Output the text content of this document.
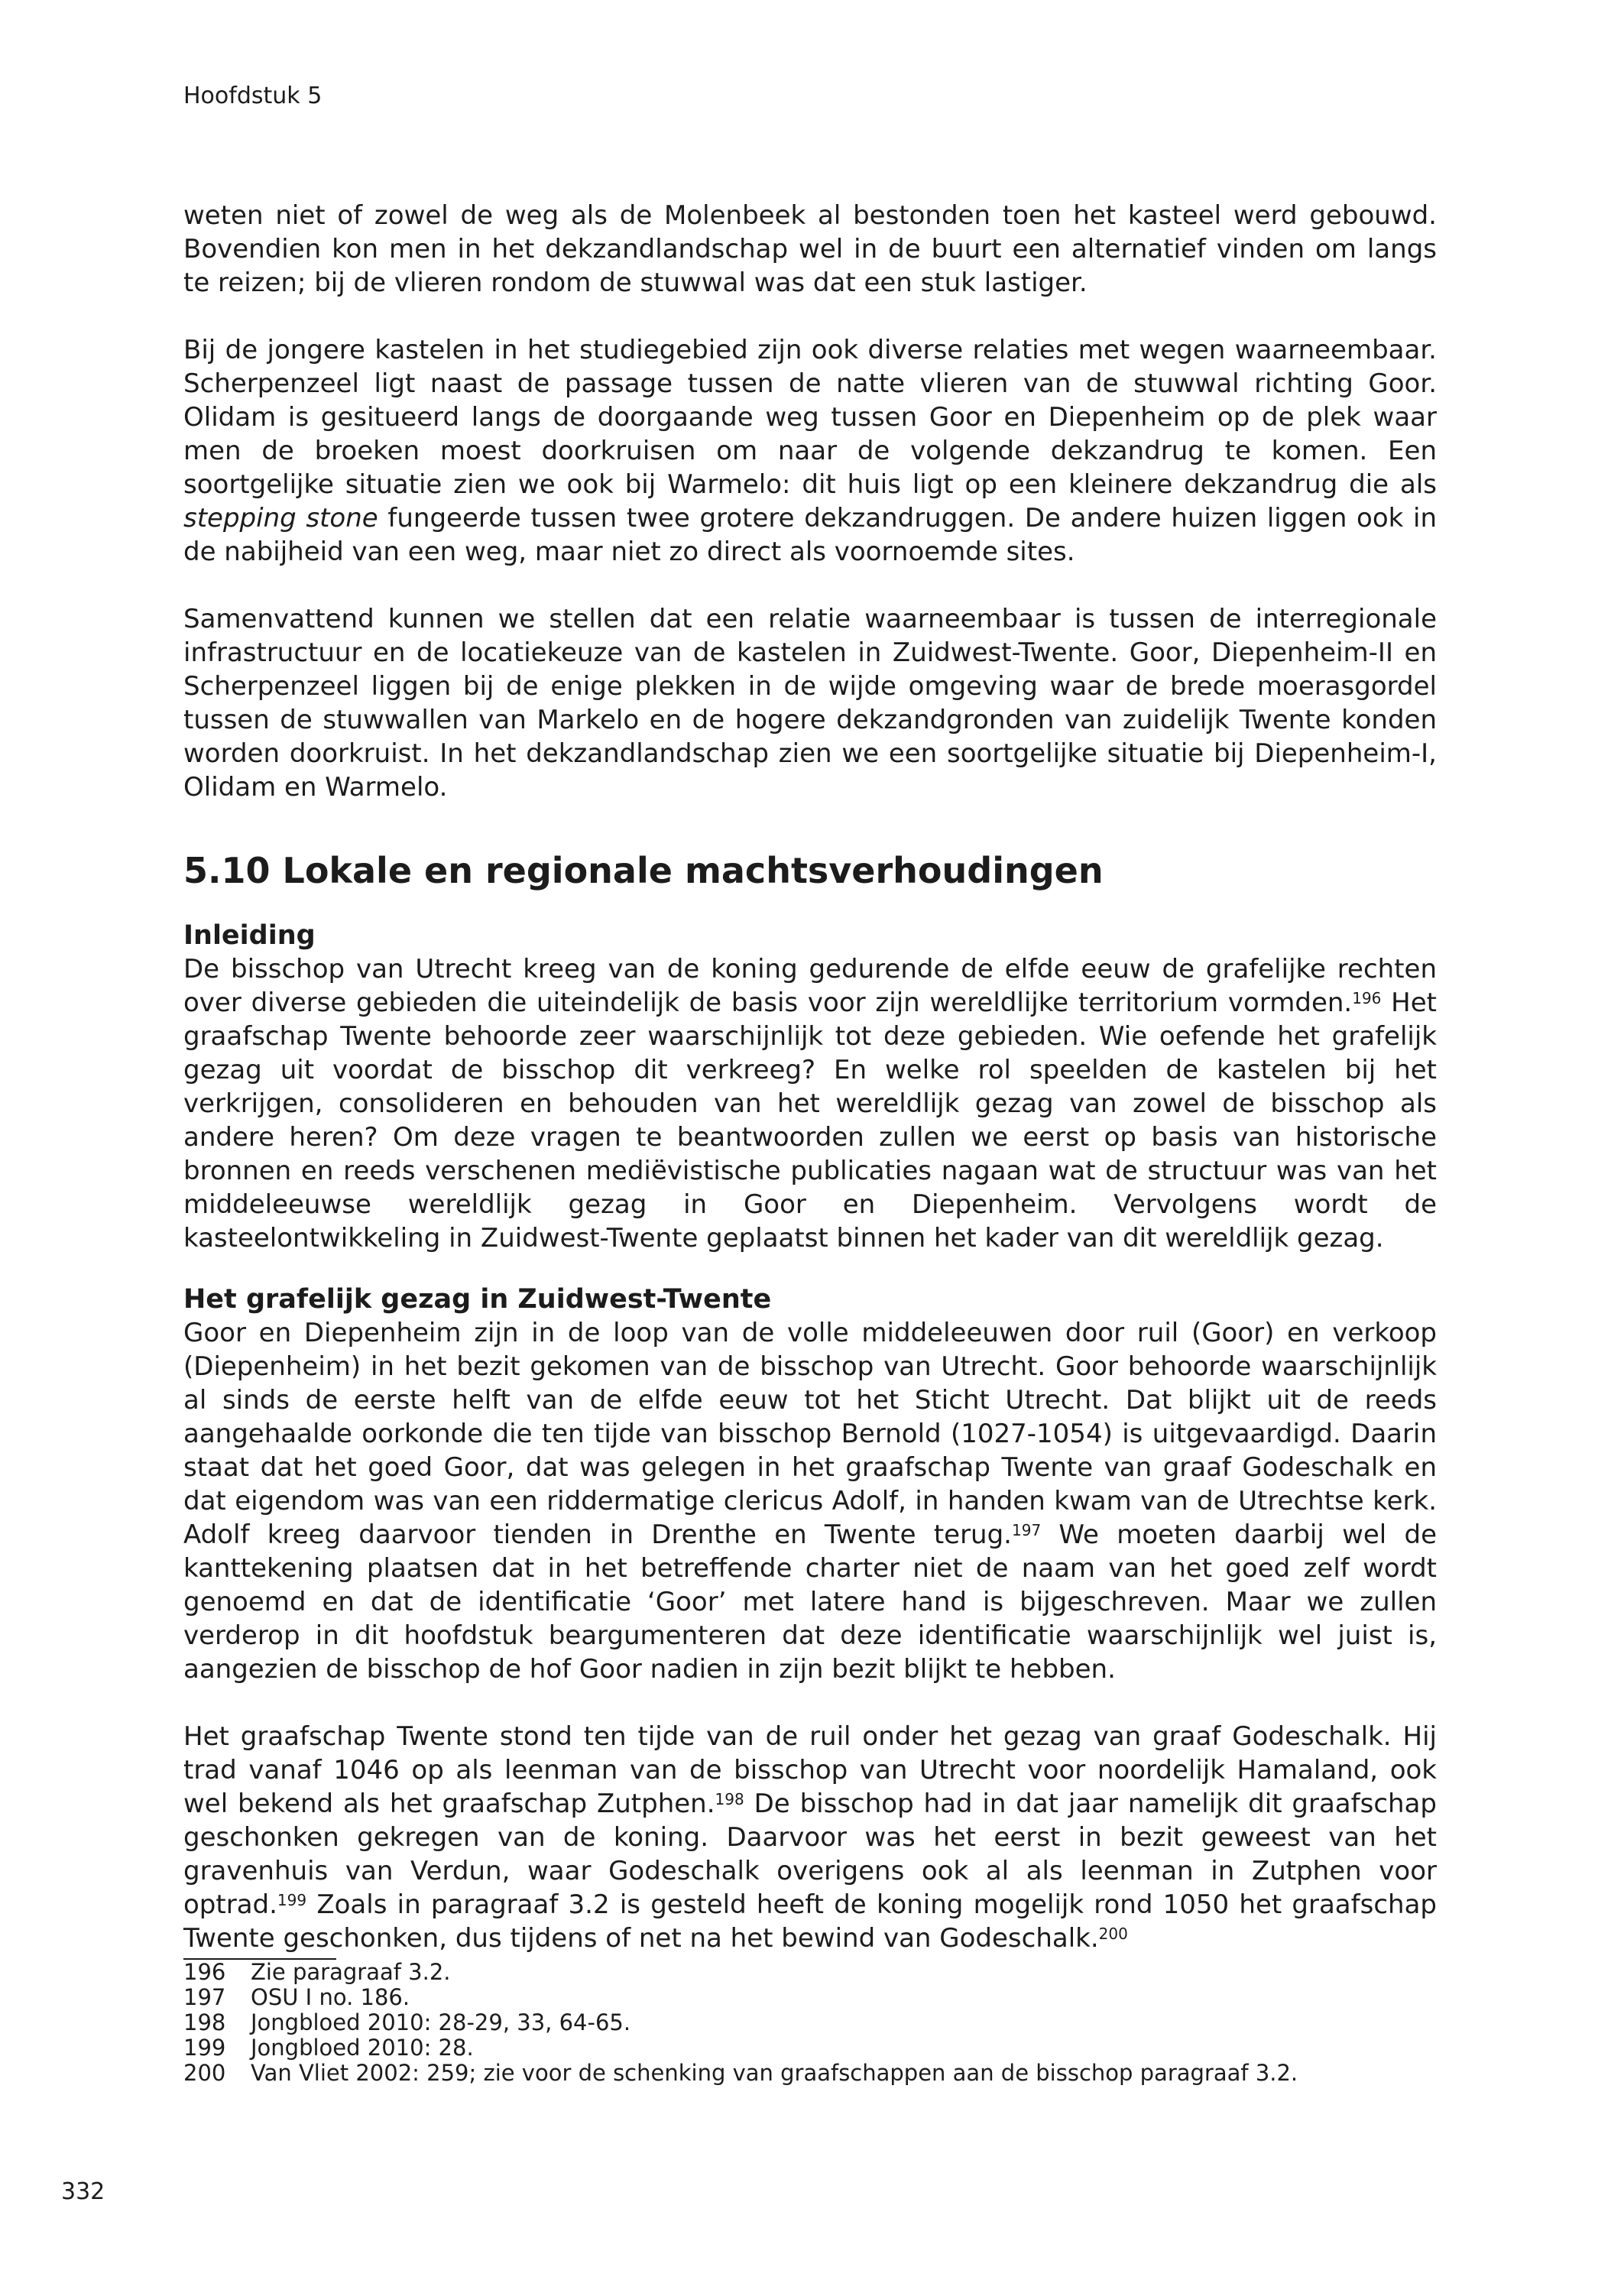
Hoofdstuk 5

weten niet of zowel de weg als de Molenbeek al bestonden toen het kasteel werd gebouwd. Bovendien kon men in het dekzandlandschap wel in de buurt een alternatief vinden om langs te reizen; bij de vlieren rondom de stuwwal was dat een stuk lastiger.

Bij de jongere kastelen in het studiegebied zijn ook diverse relaties met wegen waarneembaar. Scherpenzeel ligt naast de passage tussen de natte vlieren van de stuwwal richting Goor. Olidam is gesitueerd langs de doorgaande weg tussen Goor en Diepenheim op de plek waar men de broeken moest doorkruisen om naar de volgende dekzandrug te komen. Een soortgelijke situatie zien we ook bij Warmelo: dit huis ligt op een kleinere dekzandrug die als stepping stone fungeerde tussen twee grotere dekzandruggen. De andere huizen liggen ook in de nabijheid van een weg, maar niet zo direct als voornoemde sites.

Samenvattend kunnen we stellen dat een relatie waarneembaar is tussen de interregionale infrastructuur en de locatiekeuze van de kastelen in Zuidwest-Twente. Goor, Diepenheim-II en Scherpenzeel liggen bij de enige plekken in de wijde omgeving waar de brede moerasgordel tussen de stuwwallen van Markelo en de hogere dekzandgronden van zuidelijk Twente konden worden doorkruist. In het dekzandlandschap zien we een soortgelijke situatie bij Diepenheim-I, Olidam en Warmelo.

5.10 Lokale en regionale machtsverhoudingen
Inleiding

De bisschop van Utrecht kreeg van de koning gedurende de elfde eeuw de grafelijke rechten over diverse gebieden die uiteindelijk de basis voor zijn wereldlijke territorium vormden.$^{196}$ Het graafschap Twente behoorde zeer waarschijnlijk tot deze gebieden. Wie oefende het grafelijk gezag uit voordat de bisschop dit verkreeg? En welke rol speelden de kastelen bij het verkrijgen, consolideren en behouden van het wereldlijk gezag van zowel de bisschop als andere heren? Om deze vragen te beantwoorden zullen we eerst op basis van historische bronnen en reeds verschenen mediëvistische publicaties nagaan wat de structuur was van het middeleeuwse wereldlijk gezag in Goor en Diepenheim. Vervolgens wordt de kasteelontwikkeling in Zuidwest-Twente geplaatst binnen het kader van dit wereldlijk gezag.

Het grafelijk gezag in Zuidwest-Twente

Goor en Diepenheim zijn in de loop van de volle middeleeuwen door ruil (Goor) en verkoop (Diepenheim) in het bezit gekomen van de bisschop van Utrecht. Goor behoorde waarschijnlijk al sinds de eerste helft van de elfde eeuw tot het Sticht Utrecht. Dat blijkt uit de reeds aangehaalde oorkonde die ten tijde van bisschop Bernold (1027-1054) is uitgevaardigd. Daarin staat dat het goed Goor, dat was gelegen in het graafschap Twente van graaf Godeschalk en dat eigendom was van een riddermatige clericus Adolf, in handen kwam van de Utrechtse kerk. Adolf kreeg daarvoor tienden in Drenthe en Twente terug.$^{197}$ We moeten daarbij wel de kanttekening plaatsen dat in het betreffende charter niet de naam van het goed zelf wordt genoemd en dat de identificatie ‘Goor’ met latere hand is bijgeschreven. Maar we zullen verderop in dit hoofdstuk beargumenteren dat deze identificatie waarschijnlijk wel juist is, aangezien de bisschop de hof Goor nadien in zijn bezit blijkt te hebben.

Het graafschap Twente stond ten tijde van de ruil onder het gezag van graaf Godeschalk. Hij trad vanaf 1046 op als leenman van de bisschop van Utrecht voor noordelijk Hamaland, ook wel bekend als het graafschap Zutphen.$^{198}$ De bisschop had in dat jaar namelijk dit graafschap geschonken gekregen van de koning. Daarvoor was het eerst in bezit geweest van het gravenhuis van Verdun, waar Godeschalk overigens ook al als leenman in Zutphen voor optrad.$^{199}$ Zoals in paragraaf 3.2 is gesteld heeft de koning mogelijk rond 1050 het graafschap Twente geschonken, dus tijdens of net na het bewind van Godeschalk.$^{200}$

196 Zie paragraaf 3.2.
197 OSU I no. 186.
198 Jongbloed 2010: 28-29, 33, 64-65.
199 Jongbloed 2010: 28.
200 Van Vliet 2002: 259; zie voor de schenking van graafschappen aan de bisschop paragraaf 3.2.
332
